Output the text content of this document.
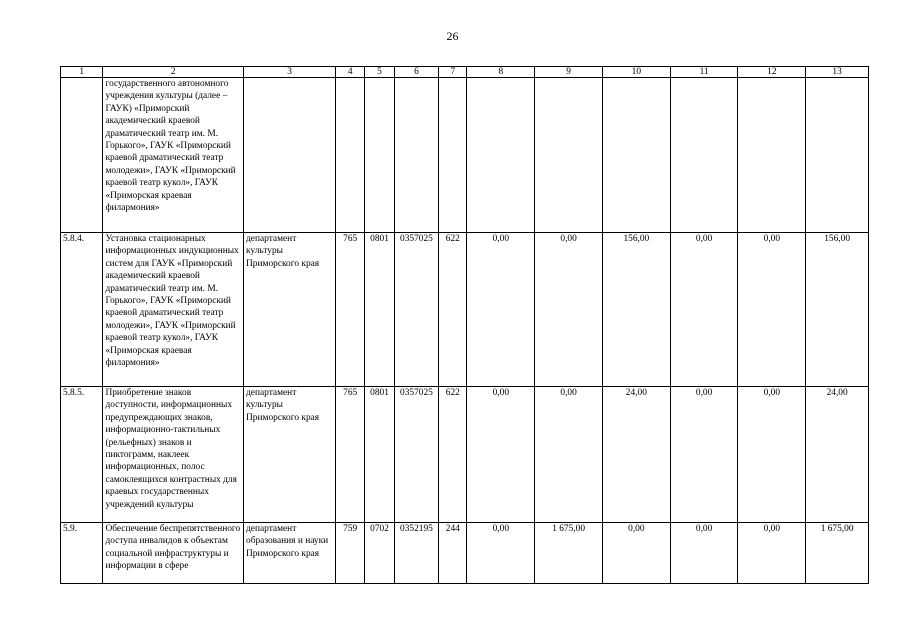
26
1	2	3	4	5	6	7	8	9	10	11	12	13
	государственного автономного учреждения культуры (далее – ГАУК) «Приморский академический краевой драматический театр им. М. Горького», ГАУК «Приморский краевой драматический театр молодежи», ГАУК «Приморский краевой театр кукол», ГАУК «Приморская краевая филармония»											
5.8.4.	Установка стационарных информационных индукционных систем для ГАУК «Приморский академический краевой драматический театр им. М. Горького», ГАУК «Приморский краевой драматический театр молодежи», ГАУК «Приморский краевой театр кукол», ГАУК «Приморская краевая филармония»	департамент культуры Приморского края	765	0801	0357025	622	0,00	0,00	156,00	0,00	0,00	156,00
5.8.5.	Приобретение знаков доступности, информационных предупреждающих знаков, информационно-тактильных (рельефных) знаков и пиктограмм, наклеек информационных, полос самоклеящихся контрастных для краевых государственных учреждений культуры	департамент культуры Приморского края	765	0801	0357025	622	0,00	0,00	24,00	0,00	0,00	24,00
5.9.	Обеспечение беспрепятственного доступа инвалидов к объектам социальной инфраструктуры и информации в сфере	департамент образования и науки Приморского края	759	0702	0352195	244	0,00	1 675,00	0,00	0,00	0,00	1 675,00
